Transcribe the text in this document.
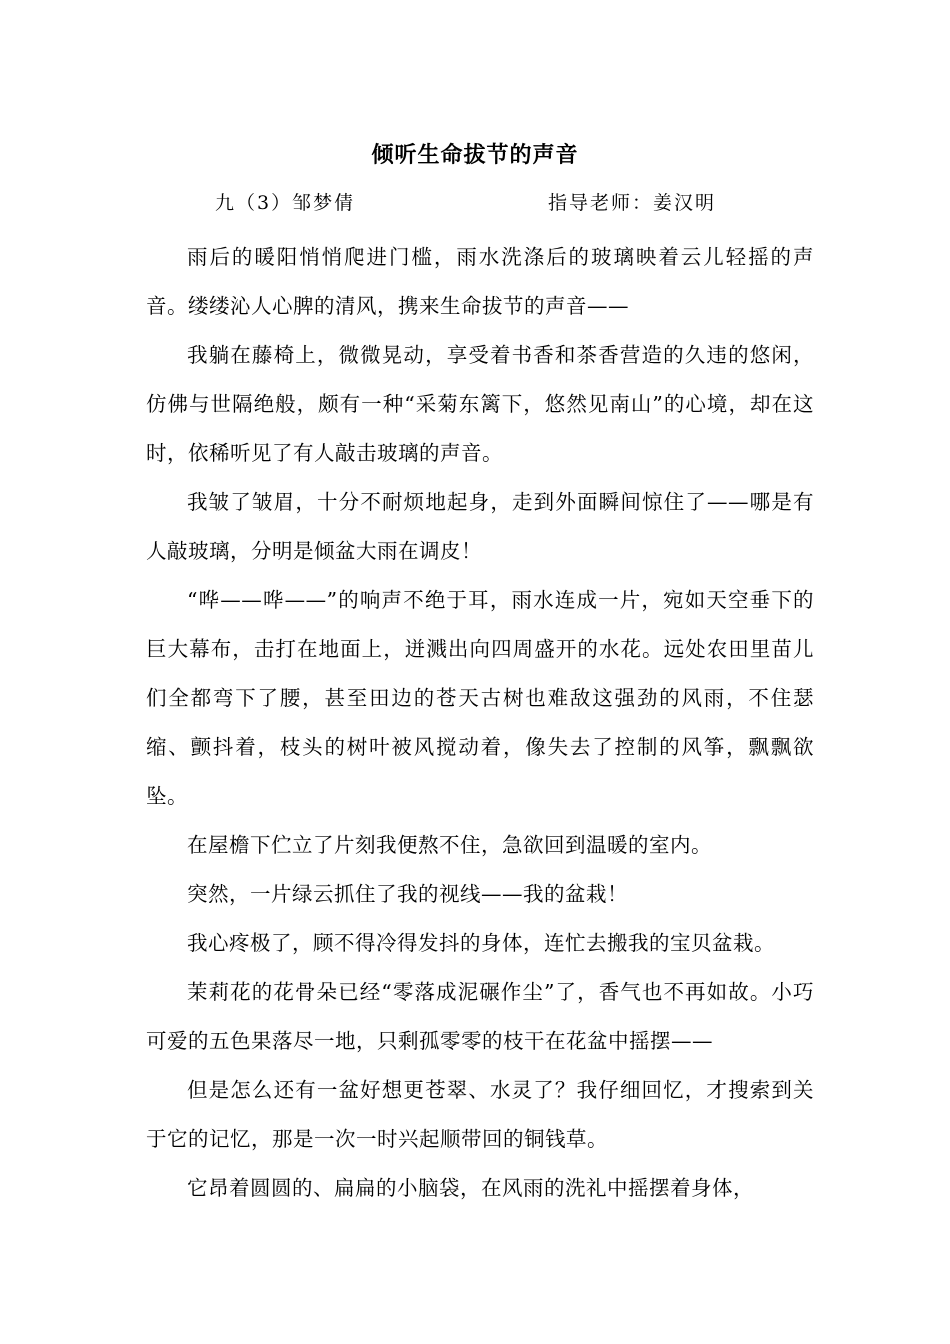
倾听生命拔节的声音
九（3）邹梦倩	指导老师：姜汉明

雨后的暖阳悄悄爬进门槛，雨水洗涤后的玻璃映着云儿轻摇的声音。缕缕沁人心脾的清风，携来生命拔节的声音——

我躺在藤椅上，微微晃动，享受着书香和茶香营造的久违的悠闲，仿佛与世隔绝般，颇有一种“采菊东篱下，悠然见南山”的心境，却在这时，依稀听见了有人敲击玻璃的声音。

我皱了皱眉，十分不耐烦地起身，走到外面瞬间惊住了——哪是有人敲玻璃，分明是倾盆大雨在调皮！

“哗——哗——”的响声不绝于耳，雨水连成一片，宛如天空垂下的巨大幕布，击打在地面上，迸溅出向四周盛开的水花。远处农田里苗儿们全都弯下了腰，甚至田边的苍天古树也难敌这强劲的风雨，不住瑟缩、颤抖着，枝头的树叶被风搅动着，像失去了控制的风筝，飘飘欲坠。

在屋檐下伫立了片刻我便熬不住，急欲回到温暖的室内。

突然，一片绿云抓住了我的视线——我的盆栽！

我心疼极了，顾不得冷得发抖的身体，连忙去搬我的宝贝盆栽。

茉莉花的花骨朵已经“零落成泥碾作尘”了，香气也不再如故。小巧可爱的五色果落尽一地，只剩孤零零的枝干在花盆中摇摆——

但是怎么还有一盆好想更苍翠、水灵了？我仔细回忆，才搜索到关于它的记忆，那是一次一时兴起顺带回的铜钱草。

它昂着圆圆的、扁扁的小脑袋，在风雨的洗礼中摇摆着身体，
